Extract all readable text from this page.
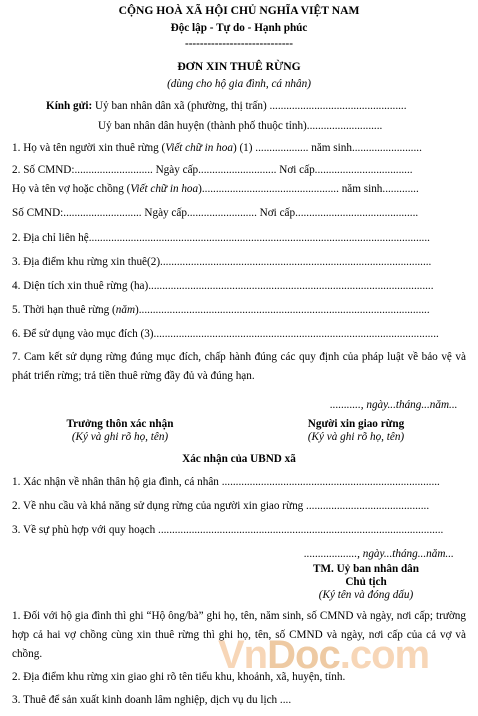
CỘNG HOÀ XÃ HỘI CHỦ NGHĨA VIỆT NAM
Độc lập - Tự do - Hạnh phúc
-----------------------------
ĐƠN XIN THUÊ RỪNG
(dùng cho hộ gia đình, cá nhân)
Kính gửi: Uỷ ban nhân dân xã (phường, thị trấn) .................................................
Uỷ ban nhân dân huyện (thành phố thuộc tỉnh)...........................
1. Họ và tên người xin thuê rừng (Viết chữ in hoa) (1) ................... năm sinh.........................
2. Số CMND:............................ Ngày cấp............................ Nơi cấp...................................
Họ và tên vợ hoặc chồng (Viết chữ in hoa)................................................. năm sinh.............
Số CMND:............................ Ngày cấp......................... Nơi cấp............................................
2. Địa chỉ liên hệ..........................................................................................................................
3. Địa điểm khu rừng xin thuê(2).................................................................................................
4. Diện tích xin thuê rừng (ha)......................................................................................................
5. Thời hạn thuê rừng (năm)........................................................................................................
6. Để sử dụng vào mục đích (3)......................................................................................................
7. Cam kết sử dụng rừng đúng mục đích, chấp hành đúng các quy định của pháp luật về bảo vệ và phát triển rừng; trả tiền thuê rừng đầy đủ và đúng hạn.
..........., ngày...tháng...năm...
Trưởng thôn xác nhận
(Ký và ghi rõ họ, tên)
Người xin giao rừng
(Ký và ghi rõ họ, tên)
Xác nhận của UBND xã
1. Xác nhận về nhân thân hộ gia đình, cá nhân ..............................................................................
2. Về nhu cầu và khả năng sử dụng rừng của người xin giao rừng ............................................
3. Về sự phù hợp với quy hoạch ......................................................................................................
..................., ngày...tháng...năm...
TM. Uỷ ban nhân dân
Chủ tịch
(Ký tên và đóng dấu)
VnDoc.com
1. Đối với hộ gia đình thì ghi “Hộ ông/bà” ghi họ, tên, năm sinh, số CMND và ngày, nơi cấp; trường hợp cả hai vợ chồng cùng xin thuê rừng thì ghi họ, tên, số CMND và ngày, nơi cấp của cả vợ và chồng.
2. Địa điểm khu rừng xin giao ghi rõ tên tiểu khu, khoảnh, xã, huyện, tỉnh.
3. Thuê để sản xuất kinh doanh lâm nghiệp, dịch vụ du lịch ....
